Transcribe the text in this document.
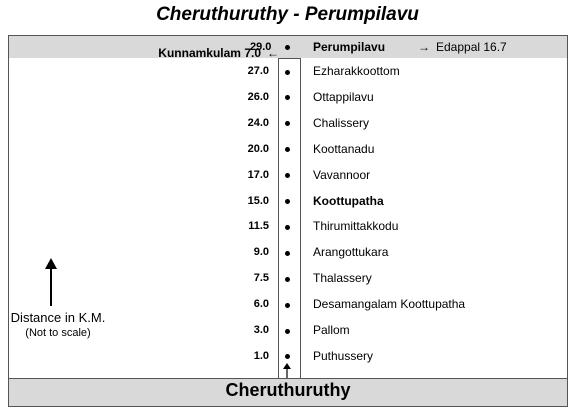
Cheruthuruthy - Perumpilavu
Kunnamkulam 7.0 ←
29.0	Perumpilavu	→ Edappal 16.7
27.0	Ezharakkoottom
26.0	Ottappilavu
24.0	Chalissery
20.0	Koottanadu
17.0	Vavannoor
15.0	Koottupatha
11.5	Thirumittakkodu
9.0	Arangottukara
7.5	Thalassery
6.0	Desamangalam Koottupatha
3.0	Pallom
1.0	Puthussery
Distance in K.M.
(Not to scale)
Cheruthuruthy
